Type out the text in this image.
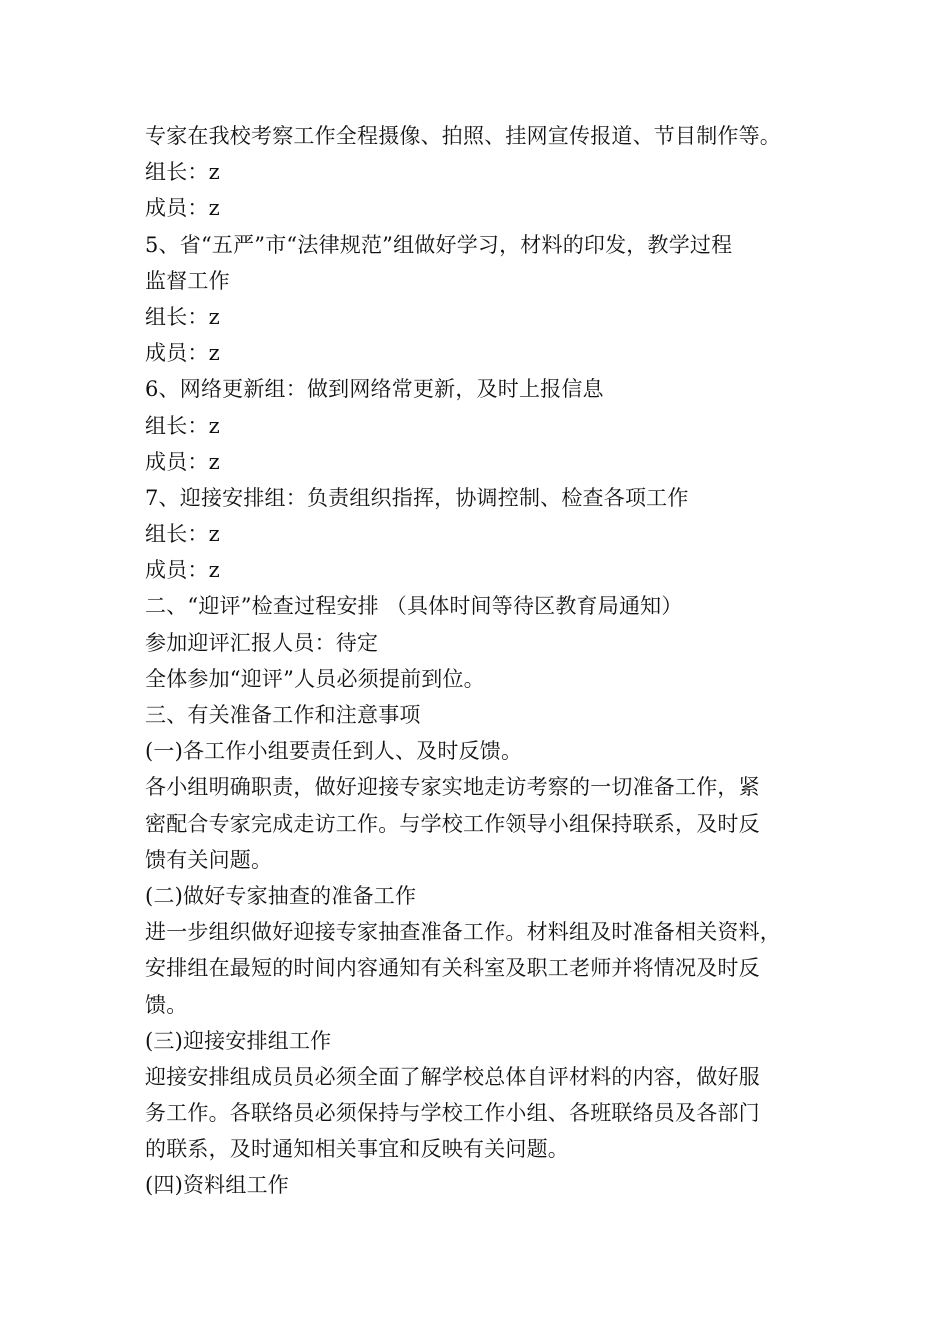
专家在我校考察工作全程摄像、拍照、挂网宣传报道、节目制作等。
组长：z
成员：z
5、省“五严”市“法律规范”组做好学习，材料的印发，教学过程
监督工作
组长：z
成员：z
6、网络更新组：做到网络常更新，及时上报信息
组长：z
成员：z
7、迎接安排组：负责组织指挥，协调控制、检查各项工作
组长：z
成员：z
二、“迎评”检查过程安排 （具体时间等待区教育局通知）
参加迎评汇报人员：待定
全体参加“迎评”人员必须提前到位。
三、有关准备工作和注意事项
(一)各工作小组要责任到人、及时反馈。
各小组明确职责，做好迎接专家实地走访考察的一切准备工作，紧
密配合专家完成走访工作。与学校工作领导小组保持联系，及时反
馈有关问题。
(二)做好专家抽查的准备工作
进一步组织做好迎接专家抽查准备工作。材料组及时准备相关资料，
安排组在最短的时间内容通知有关科室及职工老师并将情况及时反
馈。
(三)迎接安排组工作
迎接安排组成员员必须全面了解学校总体自评材料的内容，做好服
务工作。各联络员必须保持与学校工作小组、各班联络员及各部门
的联系，及时通知相关事宜和反映有关问题。
(四)资料组工作
